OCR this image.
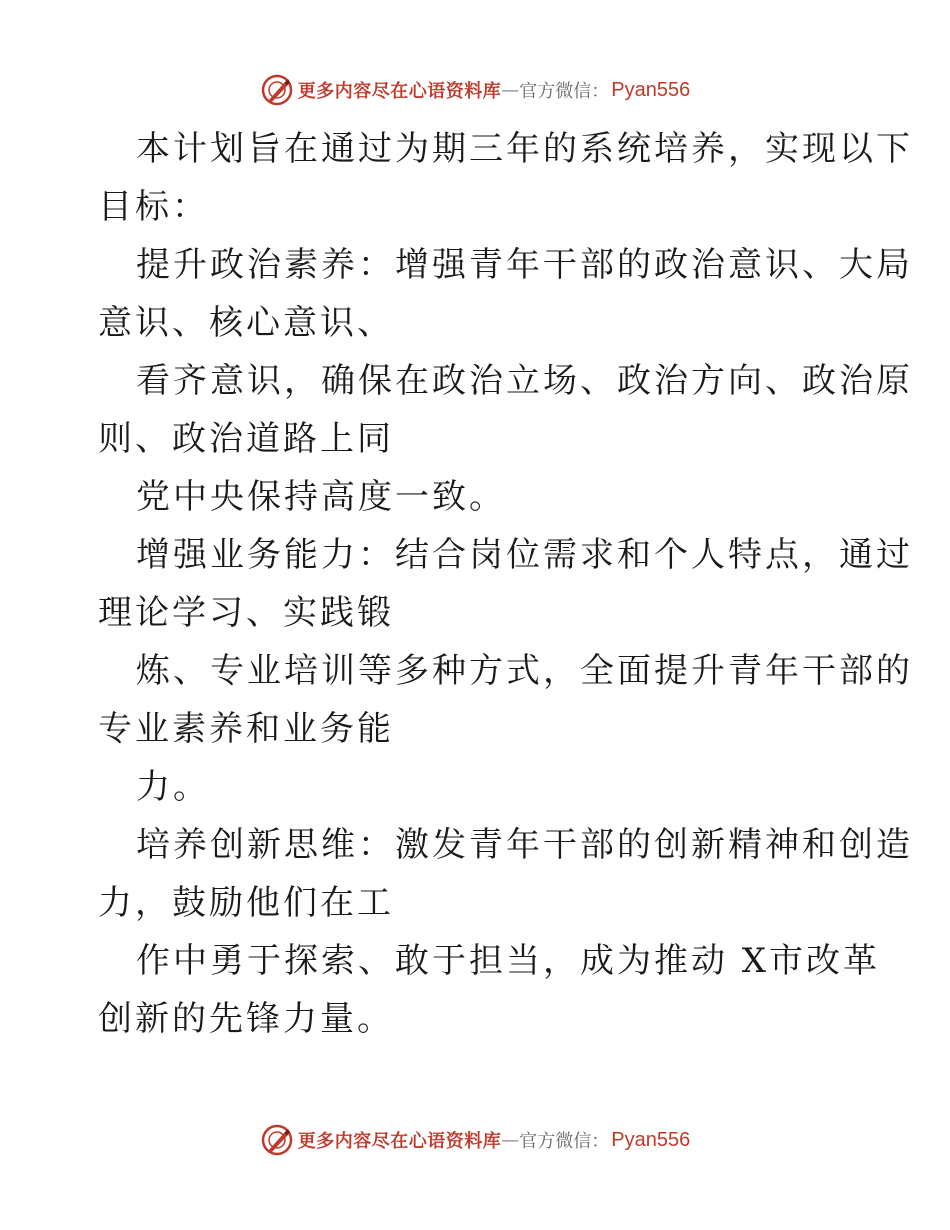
更多内容尽在心语资料库 — 官方微信： Pyan556
本计划旨在通过为期三年的系统培养，实现以下
目标：
提升政治素养：增强青年干部的政治意识、大局
意识、核心意识、
看齐意识，确保在政治立场、政治方向、政治原
则、政治道路上同
党中央保持高度一致。
增强业务能力：结合岗位需求和个人特点，通过
理论学习、实践锻
炼、专业培训等多种方式，全面提升青年干部的
专业素养和业务能
力。
培养创新思维：激发青年干部的创新精神和创造
力，鼓励他们在工
作中勇于探索、敢于担当，成为推动 X市改革
创新的先锋力量。
更多内容尽在心语资料库 — 官方微信： Pyan556
